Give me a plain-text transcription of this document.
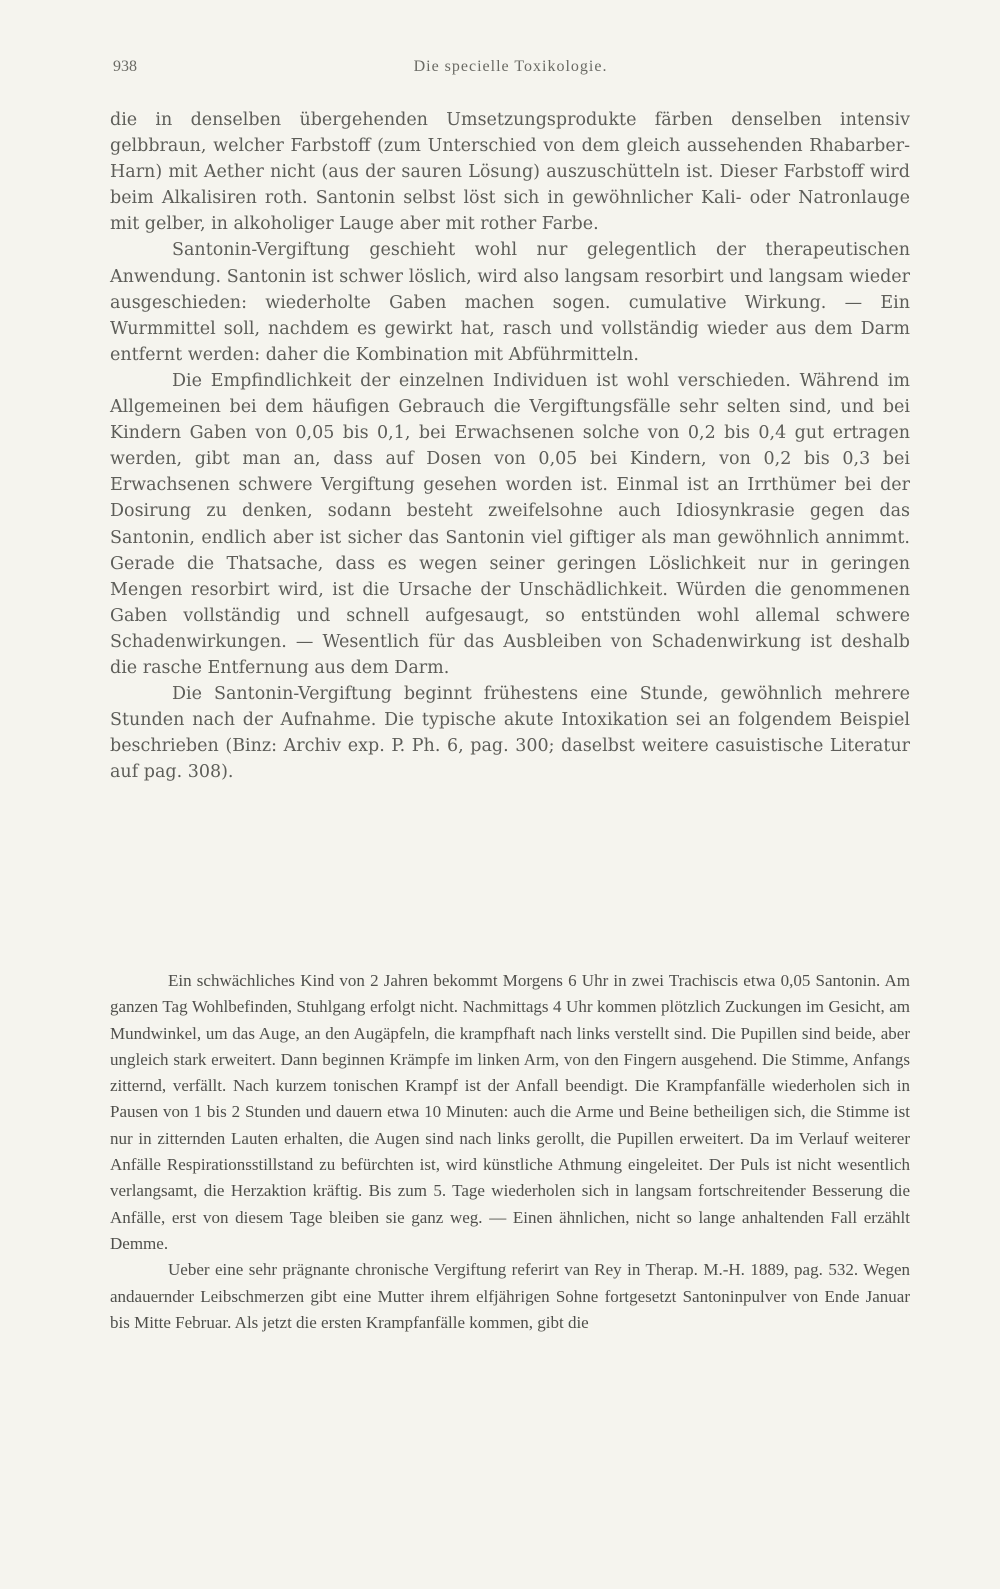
938	Die specielle Toxikologie.

die in denselben übergehenden Umsetzungsprodukte färben denselben intensiv gelbbraun, welcher Farbstoff (zum Unterschied von dem gleich aussehenden Rhabarber-Harn) mit Aether nicht (aus der sauren Lösung) auszuschütteln ist. Dieser Farbstoff wird beim Alkalisiren roth. Santonin selbst löst sich in gewöhnlicher Kali- oder Natronlauge mit gelber, in alkoholiger Lauge aber mit rother Farbe.

Santonin-Vergiftung geschieht wohl nur gelegentlich der therapeutischen Anwendung. Santonin ist schwer löslich, wird also langsam resorbirt und langsam wieder ausgeschieden: wiederholte Gaben machen sogen. cumulative Wirkung. — Ein Wurmmittel soll, nachdem es gewirkt hat, rasch und vollständig wieder aus dem Darm entfernt werden: daher die Kombination mit Abführmitteln.

Die Empfindlichkeit der einzelnen Individuen ist wohl verschieden. Während im Allgemeinen bei dem häufigen Gebrauch die Vergiftungsfälle sehr selten sind, und bei Kindern Gaben von 0,05 bis 0,1, bei Erwachsenen solche von 0,2 bis 0,4 gut ertragen werden, gibt man an, dass auf Dosen von 0,05 bei Kindern, von 0,2 bis 0,3 bei Erwachsenen schwere Vergiftung gesehen worden ist. Einmal ist an Irrthümer bei der Dosirung zu denken, sodann besteht zweifelsohne auch Idiosynkrasie gegen das Santonin, endlich aber ist sicher das Santonin viel giftiger als man gewöhnlich annimmt. Gerade die Thatsache, dass es wegen seiner geringen Löslichkeit nur in geringen Mengen resorbirt wird, ist die Ursache der Unschädlichkeit. Würden die genommenen Gaben vollständig und schnell aufgesaugt, so entstünden wohl allemal schwere Schadenwirkungen. — Wesentlich für das Ausbleiben von Schadenwirkung ist deshalb die rasche Entfernung aus dem Darm.

Die Santonin-Vergiftung beginnt frühestens eine Stunde, gewöhnlich mehrere Stunden nach der Aufnahme. Die typische akute Intoxikation sei an folgendem Beispiel beschrieben (Binz: Archiv exp. P. Ph. 6, pag. 300; daselbst weitere casuistische Literatur auf pag. 308).

Ein schwächliches Kind von 2 Jahren bekommt Morgens 6 Uhr in zwei Trachiscis etwa 0,05 Santonin. Am ganzen Tag Wohlbefinden, Stuhlgang erfolgt nicht. Nachmittags 4 Uhr kommen plötzlich Zuckungen im Gesicht, am Mundwinkel, um das Auge, an den Augäpfeln, die krampfhaft nach links verstellt sind. Die Pupillen sind beide, aber ungleich stark erweitert. Dann beginnen Krämpfe im linken Arm, von den Fingern ausgehend. Die Stimme, Anfangs zitternd, verfällt. Nach kurzem tonischen Krampf ist der Anfall beendigt. Die Krampfanfälle wiederholen sich in Pausen von 1 bis 2 Stunden und dauern etwa 10 Minuten: auch die Arme und Beine betheiligen sich, die Stimme ist nur in zitternden Lauten erhalten, die Augen sind nach links gerollt, die Pupillen erweitert. Da im Verlauf weiterer Anfälle Respirationsstillstand zu befürchten ist, wird künstliche Athmung eingeleitet. Der Puls ist nicht wesentlich verlangsamt, die Herzaktion kräftig. Bis zum 5. Tage wiederholen sich in langsam fortschreitender Besserung die Anfälle, erst von diesem Tage bleiben sie ganz weg. — Einen ähnlichen, nicht so lange anhaltenden Fall erzählt Demme.

Ueber eine sehr prägnante chronische Vergiftung referirt van Rey in Therap. M.-H. 1889, pag. 532. Wegen andauernder Leibschmerzen gibt eine Mutter ihrem elfjährigen Sohne fortgesetzt Santoninpulver von Ende Januar bis Mitte Februar. Als jetzt die ersten Krampfanfälle kommen, gibt die
